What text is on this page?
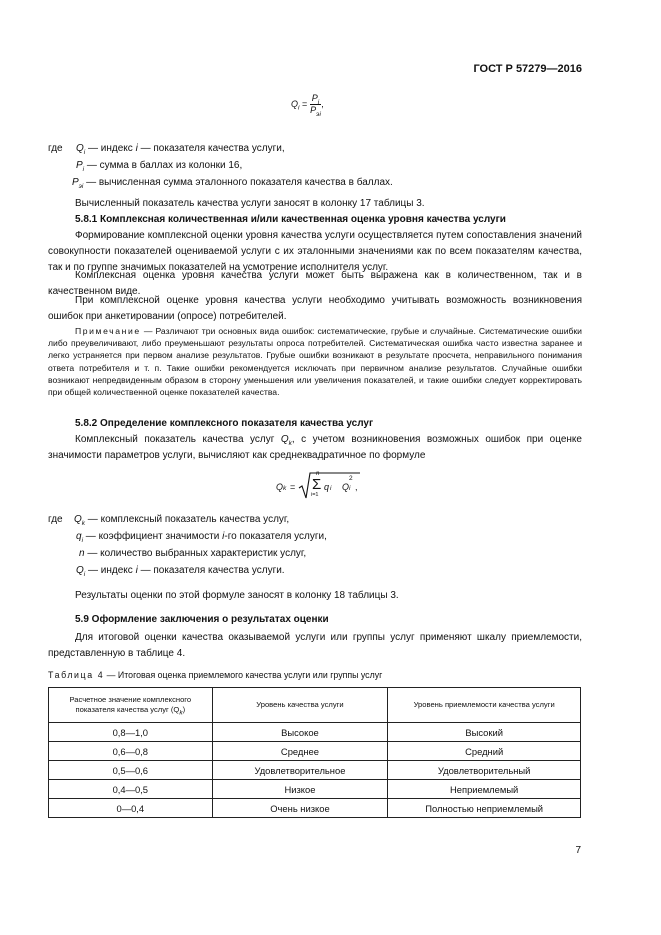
ГОСТ Р 57279—2016
$Q_i = \frac{P_i}{P_{эi}}$ ,
где $Q_i$ — индекс i — показателя качества услуги,
$P_i$ — сумма в баллах из колонки 16,
$P_{эi}$ — вычисленная сумма эталонного показателя качества в баллах.
Вычисленный показатель качества услуги заносят в колонку 17 таблицы 3.
5.8.1 Комплексная количественная и/или качественная оценка уровня качества услуги
Формирование комплексной оценки уровня качества услуги осуществляется путем сопоставления значений совокупности показателей оцениваемой услуги с их эталонными значениями как по всем показателям качества, так и по группе значимых показателей на усмотрение исполнителя услуг.
Комплексная оценка уровня качества услуги может быть выражена как в количественном, так и в качественном виде.
При комплексной оценке уровня качества услуги необходимо учитывать возможность возникновения ошибок при анкетировании (опросе) потребителей.
Примечание — Различают три основных вида ошибок: систематические, грубые и случайные. Систематические ошибки либо преувеличивают, либо преуменьшают результаты опроса потребителей. Систематическая ошибка часто известна заранее и легко устраняется при первом анализе результатов. Грубые ошибки возникают в результате просчета, неправильного понимания ответа потребителя и т. п. Такие ошибки рекомендуется исключать при первичном анализе результатов. Случайные ошибки возникают непредвиденным образом в сторону уменьшения или увеличения показателей, и такие ошибки следует корректировать при общей количественной оценке показателей качества.
5.8.2 Определение комплексного показателя качества услуг
Комплексный показатель качества услуг $Q_k$, с учетом возникновения возможных ошибок при оценке значимости параметров услуги, вычисляют как среднеквадратичное по формуле
Q k = Σ
n
i=1
q i Q i
2
,
где $Q_k$ — комплексный показатель качества услуг,
$q_i$ — коэффициент значимости i-го показателя услуги,
n — количество выбранных характеристик услуг,
$Q_i$ — индекс i — показателя качества услуги.
Результаты оценки по этой формуле заносят в колонку 18 таблицы 3.
5.9 Оформление заключения о результатах оценки
Для итоговой оценки качества оказываемой услуги или группы услуг применяют шкалу приемлемости, представленную в таблице 4.
Таблица 4 — Итоговая оценка приемлемого качества услуги или группы услуг
Расчетное значение комплексного показателя качества услуг $(Q_k)$	Уровень качества услуги	Уровень приемлемости качества услуги
0,8—1,0	Высокое	Высокий
0,6—0,8	Среднее	Средний
0,5—0,6	Удовлетворительное	Удовлетворительный
0,4—0,5	Низкое	Неприемлемый
0—0,4	Очень низкое	Полностью неприемлемый
7
